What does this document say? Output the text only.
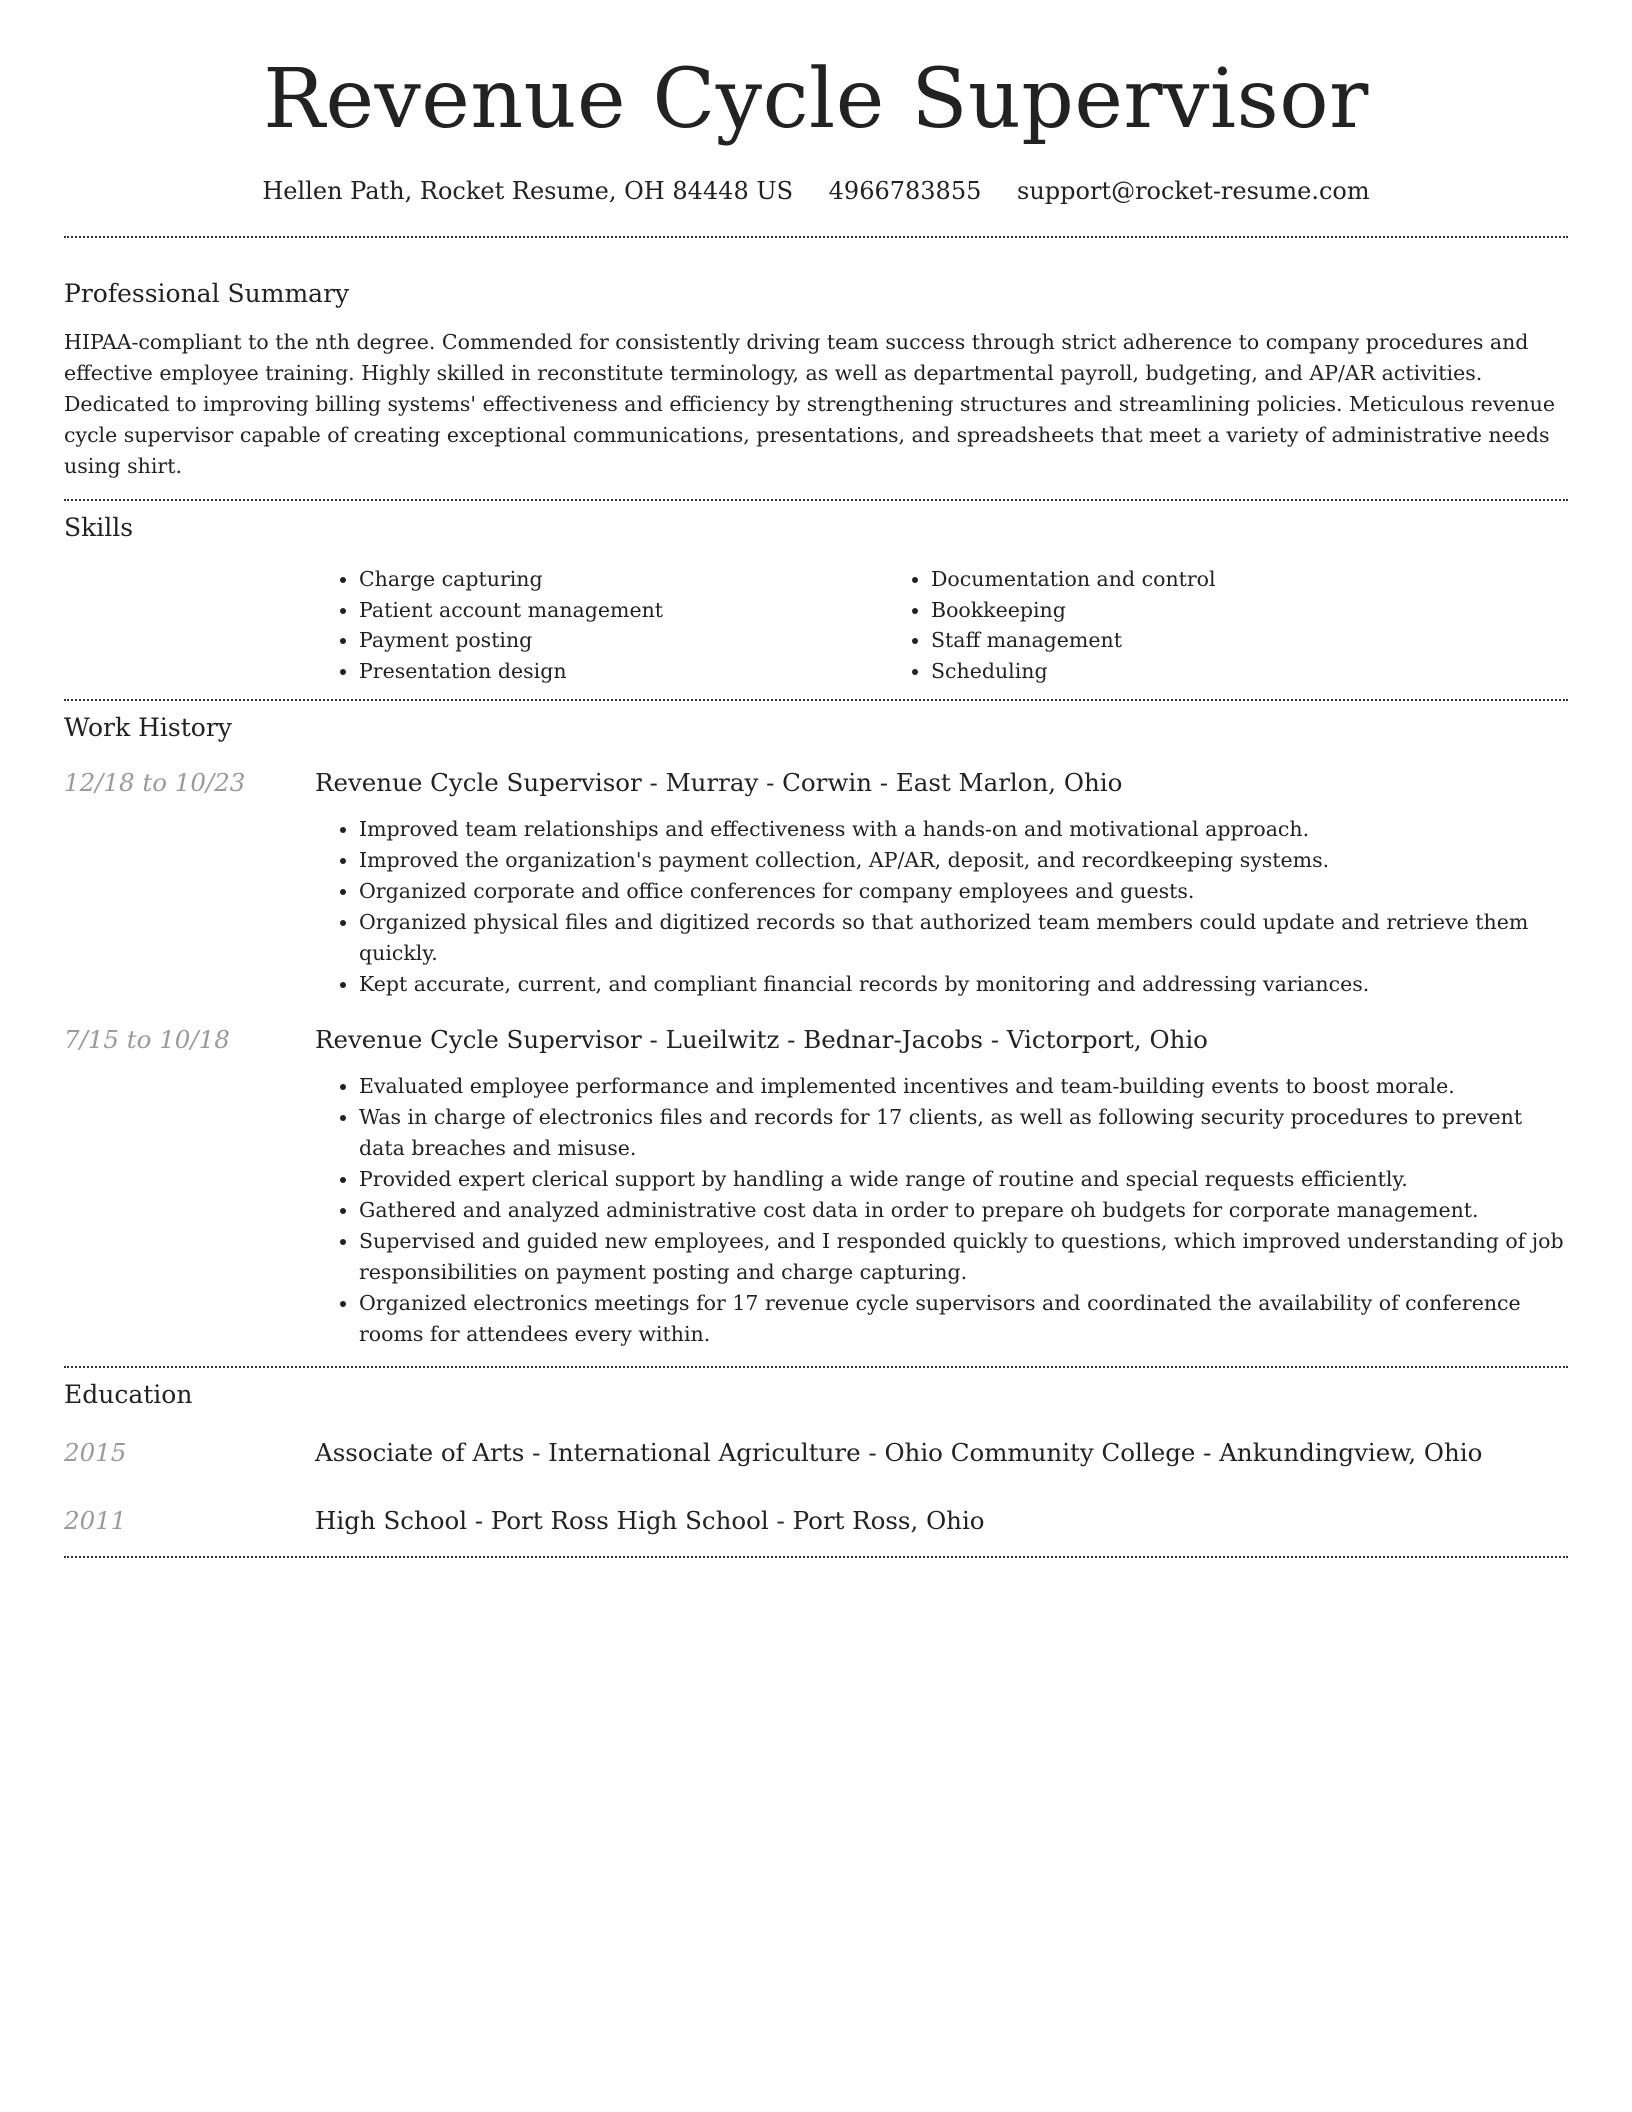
Revenue Cycle Supervisor
Hellen Path, Rocket Resume, OH 84448 US 4966783855 support@rocket-resume.com
Professional Summary

HIPAA-compliant to the nth degree. Commended for consistently driving team success through strict adherence to company procedures and effective employee training. Highly skilled in reconstitute terminology, as well as departmental payroll, budgeting, and AP/AR activities. Dedicated to improving billing systems' effectiveness and efficiency by strengthening structures and streamlining policies. Meticulous revenue cycle supervisor capable of creating exceptional communications, presentations, and spreadsheets that meet a variety of administrative needs using shirt.

Skills
• Charge capturing
• Patient account management
• Payment posting
• Presentation design
• Documentation and control
• Bookkeeping
• Staff management
• Scheduling
Work History
12/18 to 10/23	Revenue Cycle Supervisor - Murray - Corwin - East Marlon, Ohio
• Improved team relationships and effectiveness with a hands-on and motivational approach.
• Improved the organization's payment collection, AP/AR, deposit, and recordkeeping systems.
• Organized corporate and office conferences for company employees and guests.
• Organized physical files and digitized records so that authorized team members could update and retrieve them quickly.
• Kept accurate, current, and compliant financial records by monitoring and addressing variances.
7/15 to 10/18	Revenue Cycle Supervisor - Lueilwitz - Bednar-Jacobs - Victorport, Ohio
• Evaluated employee performance and implemented incentives and team-building events to boost morale.
• Was in charge of electronics files and records for 17 clients, as well as following security procedures to prevent data breaches and misuse.
• Provided expert clerical support by handling a wide range of routine and special requests efficiently.
• Gathered and analyzed administrative cost data in order to prepare oh budgets for corporate management.
• Supervised and guided new employees, and I responded quickly to questions, which improved understanding of job responsibilities on payment posting and charge capturing.
• Organized electronics meetings for 17 revenue cycle supervisors and coordinated the availability of conference rooms for attendees every within.
Education
2015	Associate of Arts - International Agriculture - Ohio Community College - Ankundingview, Ohio
2011	High School - Port Ross High School - Port Ross, Ohio
